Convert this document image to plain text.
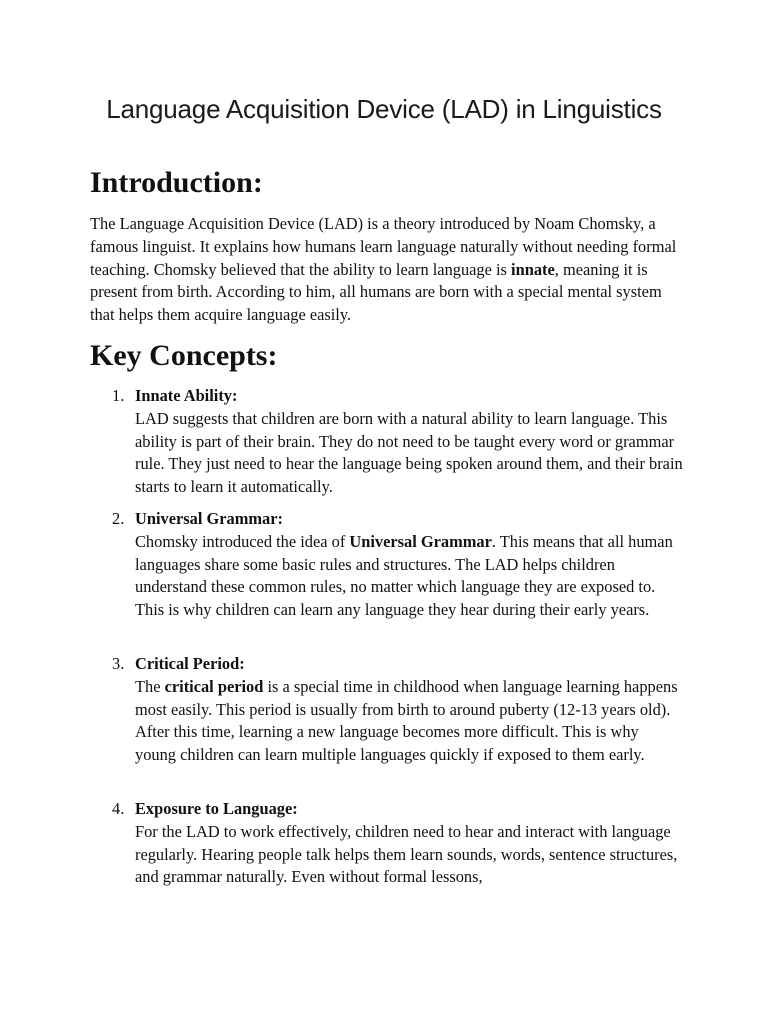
Language Acquisition Device (LAD) in Linguistics
Introduction:

The Language Acquisition Device (LAD) is a theory introduced by Noam Chomsky, a famous linguist. It explains how humans learn language naturally without needing formal teaching. Chomsky believed that the ability to learn language is innate, meaning it is present from birth. According to him, all humans are born with a special mental system that helps them acquire language easily.

Key Concepts:
1. Innate Ability:
LAD suggests that children are born with a natural ability to learn language. This ability is part of their brain. They do not need to be taught every word or grammar rule. They just need to hear the language being spoken around them, and their brain starts to learn it automatically.
2. Universal Grammar:
Chomsky introduced the idea of Universal Grammar. This means that all human languages share some basic rules and structures. The LAD helps children understand these common rules, no matter which language they are exposed to. This is why children can learn any language they hear during their early years.
3. Critical Period:
The critical period is a special time in childhood when language learning happens most easily. This period is usually from birth to around puberty (12-13 years old). After this time, learning a new language becomes more difficult. This is why young children can learn multiple languages quickly if exposed to them early.
4. Exposure to Language:
For the LAD to work effectively, children need to hear and interact with language regularly. Hearing people talk helps them learn sounds, words, sentence structures, and grammar naturally. Even without formal lessons,
